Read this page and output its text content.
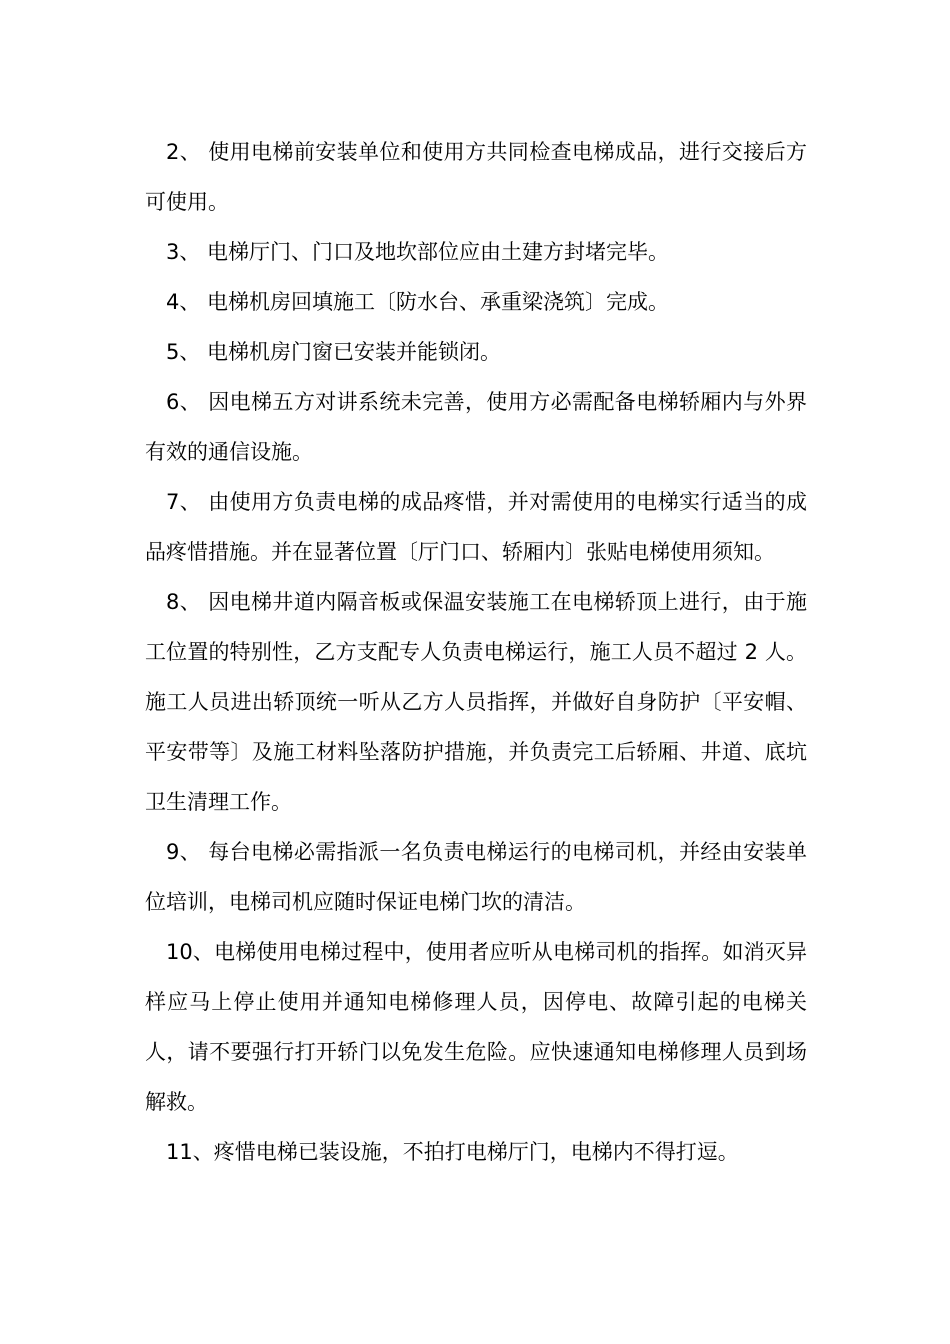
2、 使用电梯前安装单位和使用方共同检查电梯成品，进行交接后方可使用。

3、 电梯厅门、门口及地坎部位应由土建方封堵完毕。

4、 电梯机房回填施工〔防水台、承重梁浇筑〕完成。

5、 电梯机房门窗已安装并能锁闭。

6、 因电梯五方对讲系统未完善，使用方必需配备电梯轿厢内与外界有效的通信设施。

7、 由使用方负责电梯的成品疼惜，并对需使用的电梯实行适当的成品疼惜措施。并在显著位置〔厅门口、轿厢内〕张贴电梯使用须知。

8、 因电梯井道内隔音板或保温安装施工在电梯轿顶上进行，由于施工位置的特别性，乙方支配专人负责电梯运行，施工人员不超过 2 人。施工人员进出轿顶统一听从乙方人员指挥，并做好自身防护〔平安帽、平安带等〕及施工材料坠落防护措施，并负责完工后轿厢、井道、底坑卫生清理工作。

9、 每台电梯必需指派一名负责电梯运行的电梯司机，并经由安装单位培训，电梯司机应随时保证电梯门坎的清洁。

10、电梯使用电梯过程中，使用者应听从电梯司机的指挥。如消灭异样应马上停止使用并通知电梯修理人员，因停电、故障引起的电梯关人，请不要强行打开轿门以免发生危险。应快速通知电梯修理人员到场解救。

11、疼惜电梯已装设施，不拍打电梯厅门，电梯内不得打逗。
